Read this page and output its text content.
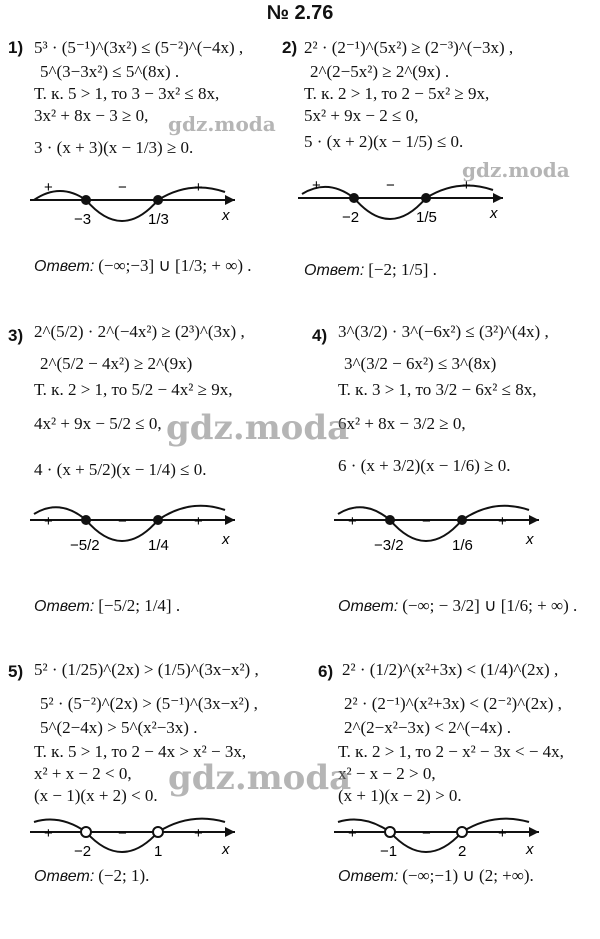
№ 2.76
1) 5³ · (5⁻¹)^(3x²) ≤ (5⁻²)^(−4x) ,
5^(3−3x²) ≤ 5^(8x) .
Т. к. 5 > 1, то 3 − 3x² ≤ 8x,
3x² + 8x − 3 ≥ 0,
3 · (x + 3)(x − 1/3) ≥ 0.
+	−	+
x
−3	1/3
Ответ: (−∞;−3] ∪ [1/3; + ∞) .
2) 2² · (2⁻¹)^(5x²) ≥ (2⁻³)^(−3x) ,
2^(2−5x²) ≥ 2^(9x) .
Т. к. 2 > 1, то 2 − 5x² ≥ 9x,
5x² + 9x − 2 ≤ 0,
5 · (x + 2)(x − 1/5) ≤ 0.
+	−	+
x
−2	1/5
Ответ: [−2; 1/5] .
3) 2^(5/2) · 2^(−4x²) ≥ (2³)^(3x) ,
2^(5/2 − 4x²) ≥ 2^(9x)
Т. к. 2 > 1, то 5/2 − 4x² ≥ 9x,
4x² + 9x − 5/2 ≤ 0,
4 · (x + 5/2)(x − 1/4) ≤ 0.
+	−	+
x
−5/2	1/4
Ответ: [−5/2; 1/4] .
4) 3^(3/2) · 3^(−6x²) ≤ (3²)^(4x) ,
3^(3/2 − 6x²) ≤ 3^(8x)
Т. к. 3 > 1, то 3/2 − 6x² ≤ 8x,
6x² + 8x − 3/2 ≥ 0,
6 · (x + 3/2)(x − 1/6) ≥ 0.
+	−	+
x
−3/2	1/6
Ответ: (−∞; − 3/2] ∪ [1/6; + ∞) .
5) 5² · (1/25)^(2x) > (1/5)^(3x−x²) ,
5² · (5⁻²)^(2x) > (5⁻¹)^(3x−x²) ,
5^(2−4x) > 5^(x²−3x) .
Т. к. 5 > 1, то 2 − 4x > x² − 3x,
x² + x − 2 < 0,
(x − 1)(x + 2) < 0.
+	−	+
x
−2	1
Ответ: (−2; 1).
6) 2² · (1/2)^(x²+3x) < (1/4)^(2x) ,
2² · (2⁻¹)^(x²+3x) < (2⁻²)^(2x) ,
2^(2−x²−3x) < 2^(−4x) .
Т. к. 2 > 1, то 2 − x² − 3x < − 4x,
x² − x − 2 > 0,
(x + 1)(x − 2) > 0.
+	−	+
x
−1	2
Ответ: (−∞;−1) ∪ (2; +∞).
gdz.moda
gdz.moda
gdz.moda
gdz.moda
